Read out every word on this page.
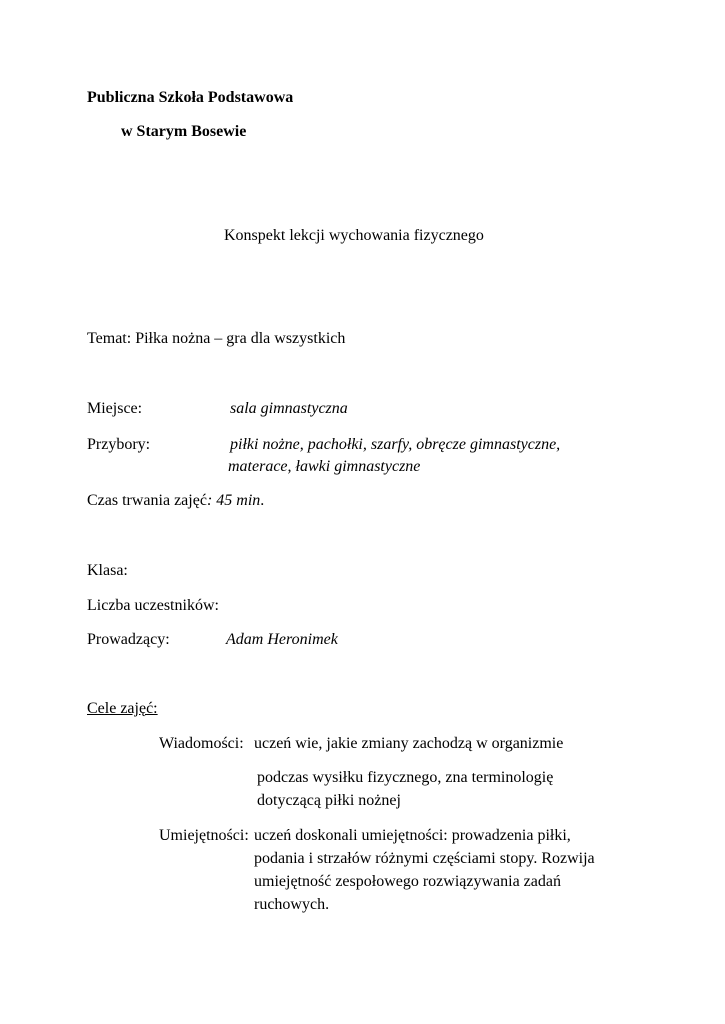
Publiczna Szkoła Podstawowa
w Starym Bosewie
Konspekt lekcji wychowania fizycznego
Temat: Piłka nożna – gra dla wszystkich
Miejsce:	sala gimnastyczna
Przybory:	piłki nożne, pachołki, szarfy, obręcze gimnastyczne,
materace, ławki gimnastyczne
Czas trwania zajęć: 45 min.
Klasa:
Liczba uczestników:
Prowadzący:	Adam Heronimek
Cele zajęć:
Wiadomości: uczeń wie, jakie zmiany zachodzą w organizmie
podczas wysiłku fizycznego, zna terminologię
dotyczącą piłki nożnej
Umiejętności: uczeń doskonali umiejętności: prowadzenia piłki,
podania i strzałów różnymi częściami stopy. Rozwija
umiejętność zespołowego rozwiązywania zadań
ruchowych.
